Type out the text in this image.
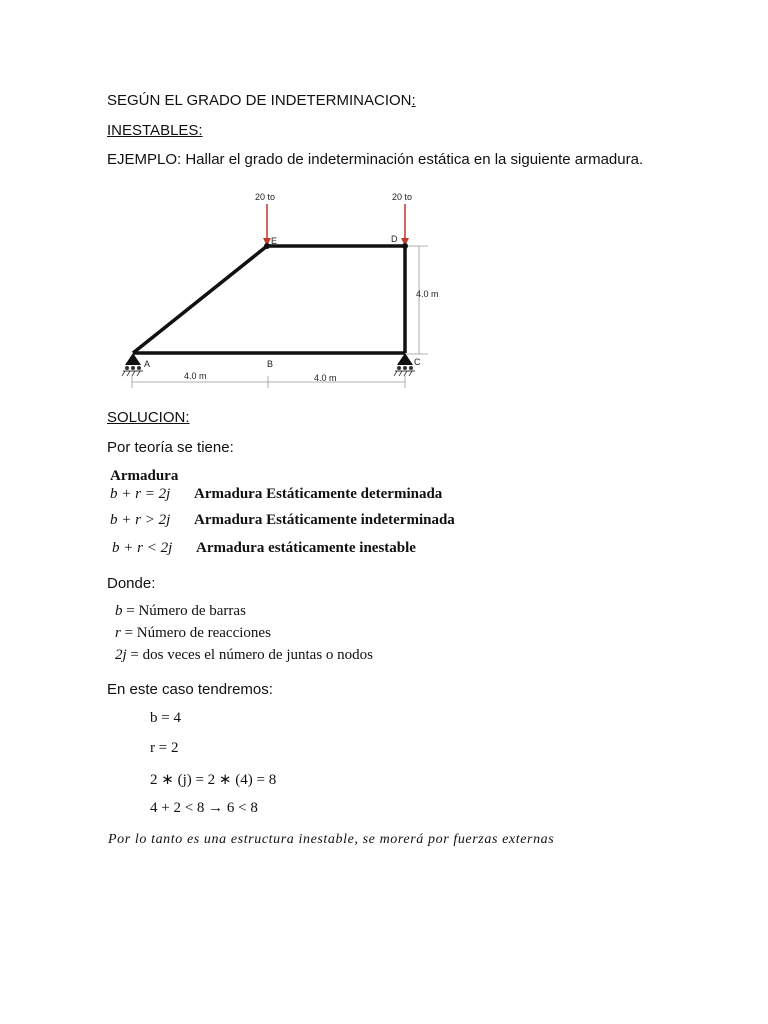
SEGÚN EL GRADO DE INDETERMINACION:
INESTABLES:
EJEMPLO: Hallar el grado de indeterminación estática en la siguiente armadura.
20 to	20 to
E	D
A	B	C
4.0 m
4.0 m	4.0 m
SOLUCION:
Por teoría se tiene:
Armadura
b + r = 2j Armadura Estáticamente determinada
b + r > 2j Armadura Estáticamente indeterminada
b + r < 2j Armadura estáticamente inestable
Donde:
b = Número de barras
r = Número de reacciones
2j = dos veces el número de juntas o nodos
En este caso tendremos:
b = 4
r = 2
2 ∗ (j) = 2 ∗ (4) = 8
4 + 2 < 8 → 6 < 8
Por lo tanto es una estructura inestable, se morerá por fuerzas externas
